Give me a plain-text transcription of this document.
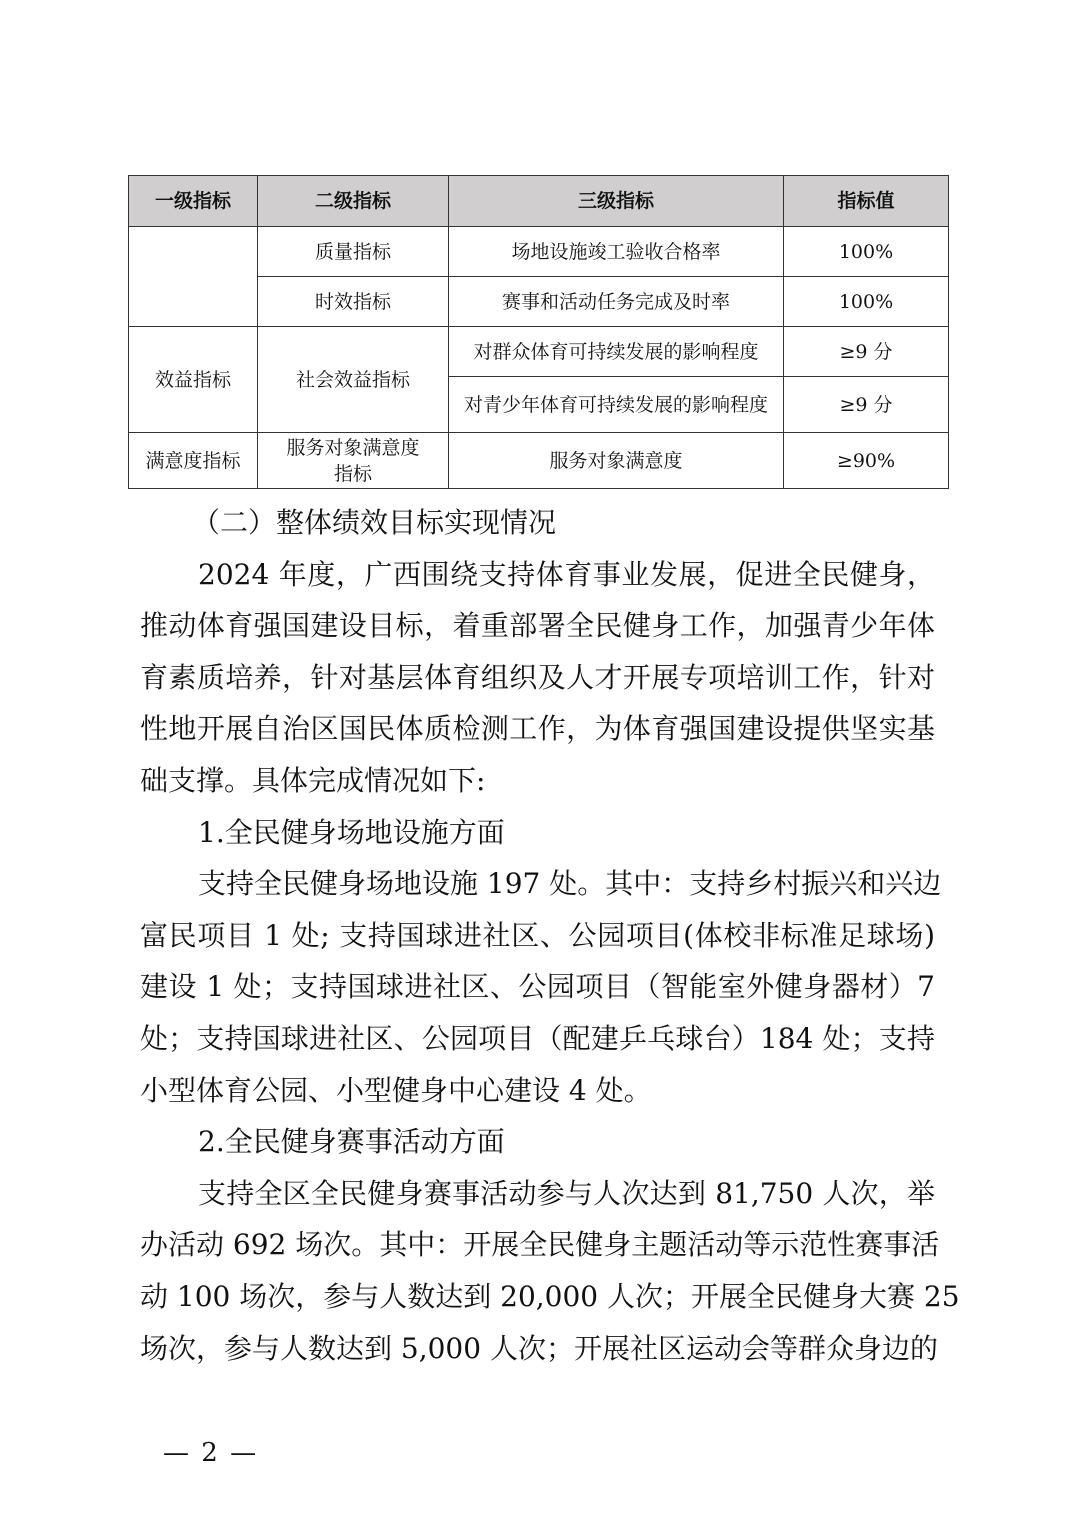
一级指标	二级指标	三级指标	指标值
	质量指标	场地设施竣工验收合格率	100%
	时效指标	赛事和活动任务完成及时率	100%
效益指标	社会效益指标	对群众体育可持续发展的影响程度	≥9 分
		对青少年体育可持续发展的影响程度	≥9 分
满意度指标	服务对象满意度指标	服务对象满意度	≥90%
（二）整体绩效目标实现情况
2024 年度，广西围绕支持体育事业发展，促进全民健身，
推动体育强国建设目标，着重部署全民健身工作，加强青少年体
育素质培养，针对基层体育组织及人才开展专项培训工作，针对
性地开展自治区国民体质检测工作，为体育强国建设提供坚实基
础支撑。具体完成情况如下:
1.全民健身场地设施方面
支持全民健身场地设施 197 处。其中：支持乡村振兴和兴边
富民项目 1 处; 支持国球进社区、公园项目(体校非标准足球场)
建设 1 处；支持国球进社区、公园项目（智能室外健身器材）7
处；支持国球进社区、公园项目（配建乒乓球台）184 处；支持
小型体育公园、小型健身中心建设 4 处。
2.全民健身赛事活动方面
支持全区全民健身赛事活动参与人次达到 81,750 人次，举
办活动 692 场次。其中：开展全民健身主题活动等示范性赛事活
动 100 场次，参与人数达到 20,000 人次；开展全民健身大赛 25
场次，参与人数达到 5,000 人次；开展社区运动会等群众身边的
— 2 —
